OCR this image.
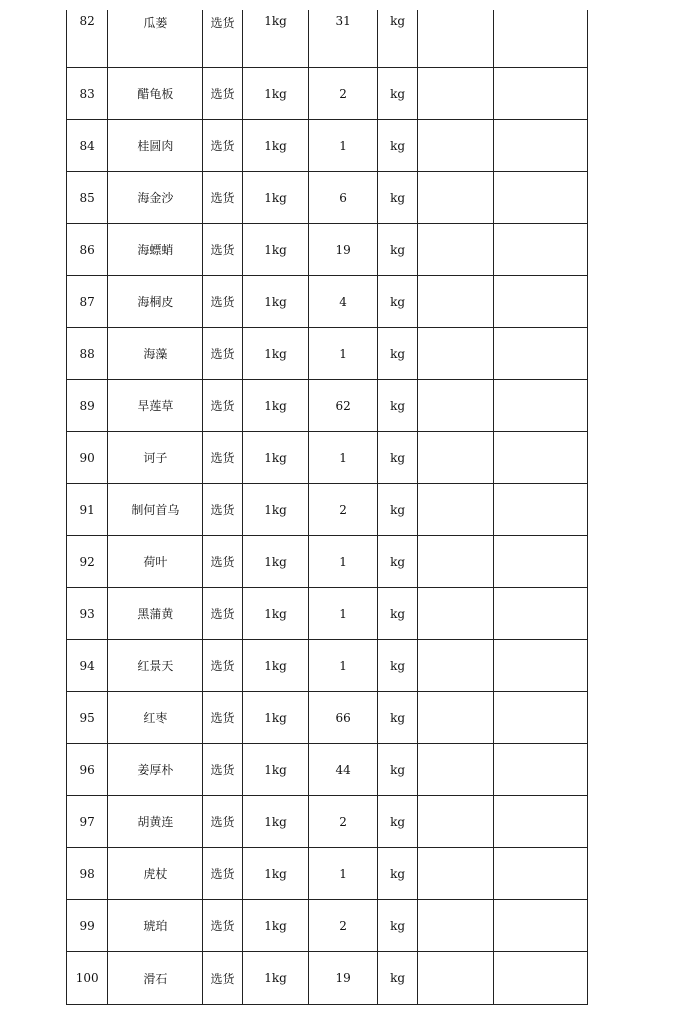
82	瓜蒌	选货	1kg	31	kg		
83	醋龟板	选货	1kg	2	kg		
84	桂圆肉	选货	1kg	1	kg		
85	海金沙	选货	1kg	6	kg		
86	海螵蛸	选货	1kg	19	kg		
87	海桐皮	选货	1kg	4	kg		
88	海藻	选货	1kg	1	kg		
89	旱莲草	选货	1kg	62	kg		
90	诃子	选货	1kg	1	kg		
91	制何首乌	选货	1kg	2	kg		
92	荷叶	选货	1kg	1	kg		
93	黑蒲黄	选货	1kg	1	kg		
94	红景天	选货	1kg	1	kg		
95	红枣	选货	1kg	66	kg		
96	姜厚朴	选货	1kg	44	kg		
97	胡黄连	选货	1kg	2	kg		
98	虎杖	选货	1kg	1	kg		
99	琥珀	选货	1kg	2	kg		
100	滑石	选货	1kg	19	kg		
